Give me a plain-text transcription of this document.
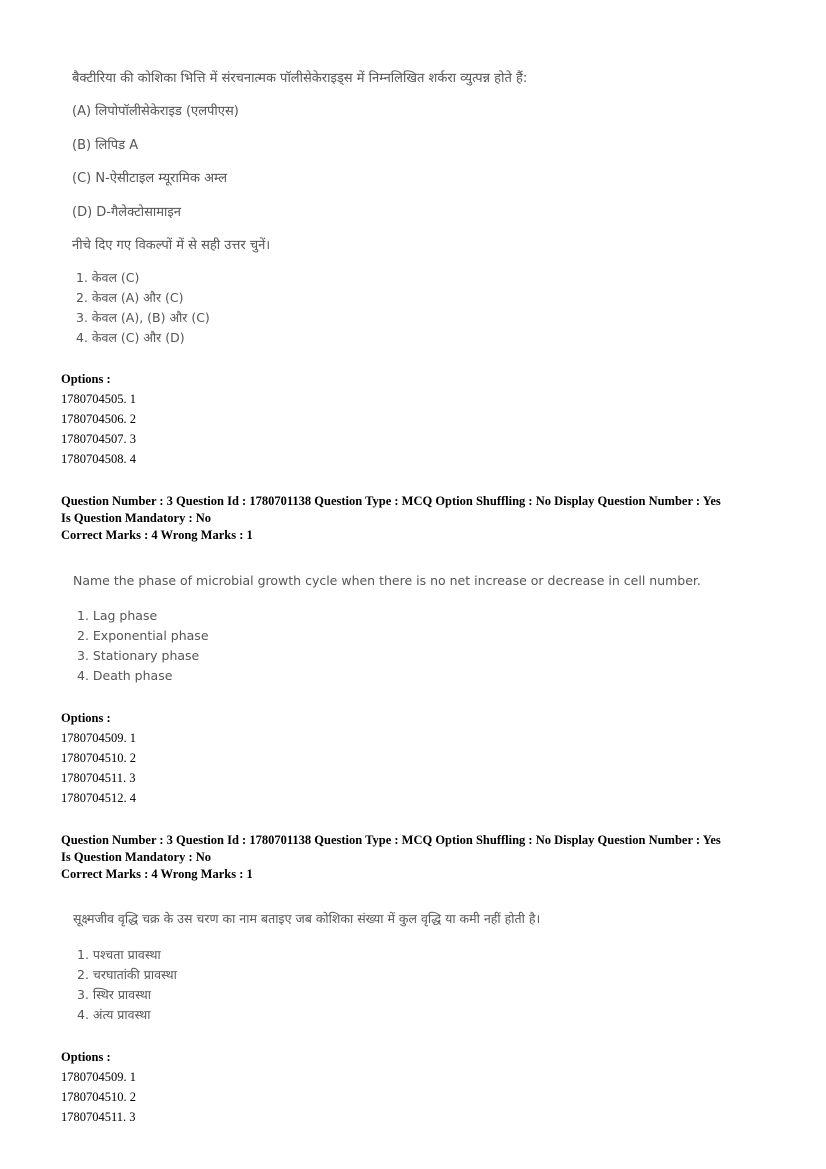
बैक्टीरिया की कोशिका भित्ति में संरचनात्मक पॉलीसेकेराइड्स में निम्नलिखित शर्करा व्युत्पन्न होते हैं:
(A) लिपोपॉलीसेकेराइड (एलपीएस)
(B) लिपिड A
(C) N-ऐसीटाइल म्यूरामिक अम्ल
(D) D-गैलेक्टोसामाइन
नीचे दिए गए विकल्पों में से सही उत्तर चुनें।
1. केवल (C)
2. केवल (A) और (C)
3. केवल (A), (B) और (C)
4. केवल (C) और (D)
Options :
1780704505. 1
1780704506. 2
1780704507. 3
1780704508. 4
Question Number : 3 Question Id : 1780701138 Question Type : MCQ Option Shuffling : No Display Question Number : Yes
Is Question Mandatory : No
Correct Marks : 4 Wrong Marks : 1
Name the phase of microbial growth cycle when there is no net increase or decrease in cell number.
1. Lag phase
2. Exponential phase
3. Stationary phase
4. Death phase
Options :
1780704509. 1
1780704510. 2
1780704511. 3
1780704512. 4
Question Number : 3 Question Id : 1780701138 Question Type : MCQ Option Shuffling : No Display Question Number : Yes
Is Question Mandatory : No
Correct Marks : 4 Wrong Marks : 1
सूक्ष्मजीव वृद्धि चक्र के उस चरण का नाम बताइए जब कोशिका संख्या में कुल वृद्धि या कमी नहीं होती है।
1. पश्चता प्रावस्था
2. चरघातांकी प्रावस्था
3. स्थिर प्रावस्था
4. अंत्य प्रावस्था
Options :
1780704509. 1
1780704510. 2
1780704511. 3
